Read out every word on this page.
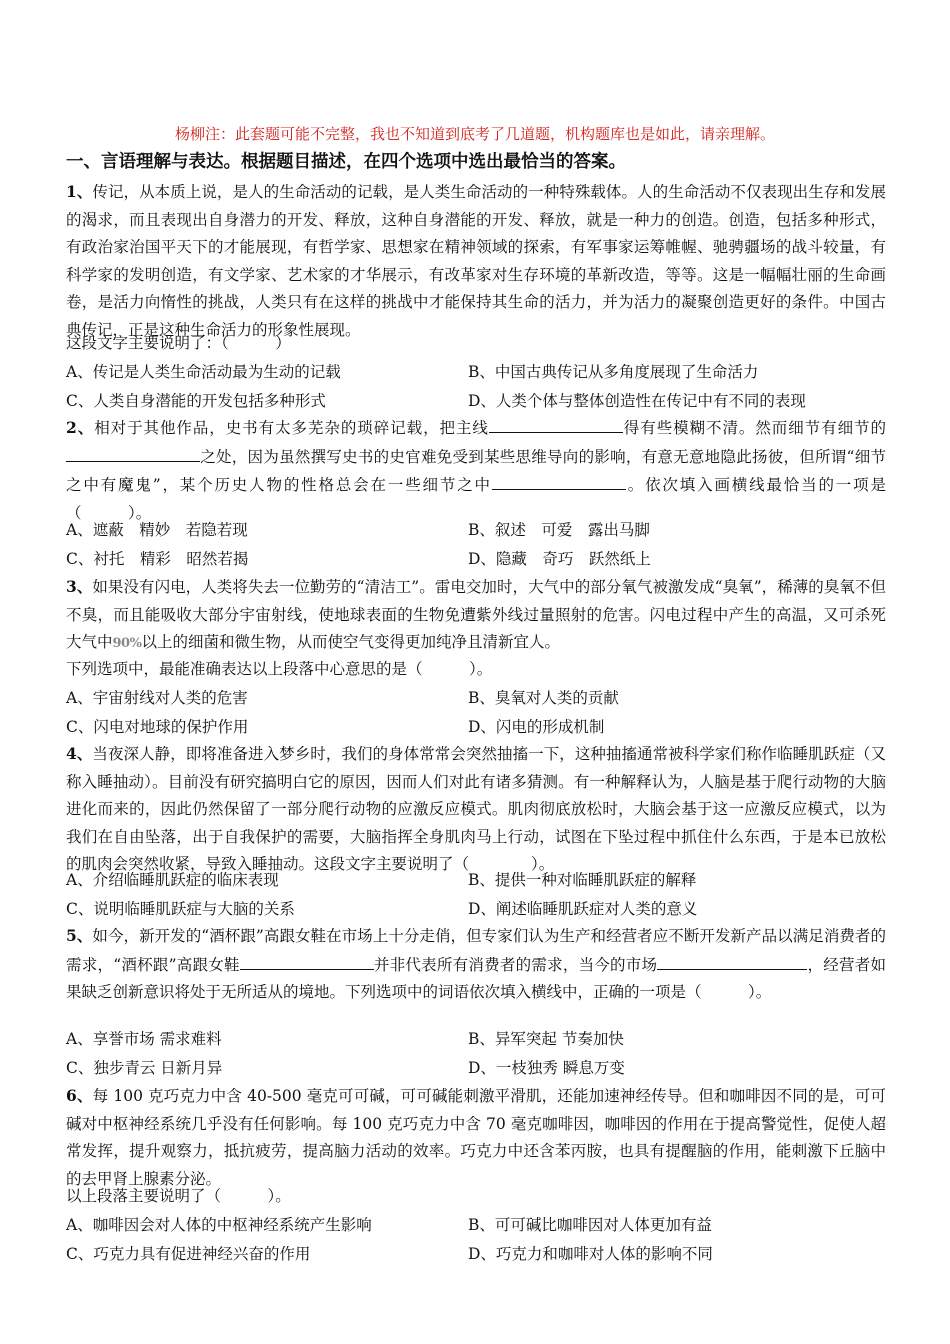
杨柳注：此套题可能不完整，我也不知道到底考了几道题，机构题库也是如此，请亲理解。
一、言语理解与表达。根据题目描述，在四个选项中选出最恰当的答案。
1、传记，从本质上说，是人的生命活动的记载，是人类生命活动的一种特殊载体。人的生命活动不仅表现出生存和发展的渴求，而且表现出自身潜力的开发、释放，这种自身潜能的开发、释放，就是一种力的创造。创造，包括多种形式，有政治家治国平天下的才能展现，有哲学家、思想家在精神领域的探索，有军事家运筹帷幄、驰骋疆场的战斗较量，有科学家的发明创造，有文学家、艺术家的才华展示，有改革家对生存环境的革新改造，等等。这是一幅幅壮丽的生命画卷，是活力向惰性的挑战，人类只有在这样的挑战中才能保持其生命的活力，并为活力的凝聚创造更好的条件。中国古典传记，正是这种生命活力的形象性展现。
这段文字主要说明了：（　　　）
A、传记是人类生命活动最为生动的记载	B、中国古典传记从多角度展现了生命活力
C、人类自身潜能的开发包括多种形式	D、人类个体与整体创造性在传记中有不同的表现
2、相对于其他作品，史书有太多芜杂的琐碎记载，把主线	得有些模糊不清。然而细节有细节的之处，因为虽然撰写史书的史官难免受到某些思维导向的影响，有意无意地隐此扬彼，但所谓“细节之中有魔鬼”，某个历史人物的性格总会在一些细节之中	。依次填入画横线最恰当的一项是（　　　）。
A、遮蔽　精妙　若隐若现	B、叙述　可爱　露出马脚
C、衬托　精彩　昭然若揭	D、隐藏　奇巧　跃然纸上
3、如果没有闪电，人类将失去一位勤劳的“清洁工”。雷电交加时，大气中的部分氧气被激发成“臭氧”，稀薄的臭氧不但不臭，而且能吸收大部分宇宙射线，使地球表面的生物免遭紫外线过量照射的危害。闪电过程中产生的高温，又可杀死大气中90%以上的细菌和微生物，从而使空气变得更加纯净且清新宜人。
下列选项中，最能准确表达以上段落中心意思的是（　　　）。
A、宇宙射线对人类的危害	B、臭氧对人类的贡献
C、闪电对地球的保护作用	D、闪电的形成机制
4、当夜深人静，即将准备进入梦乡时，我们的身体常常会突然抽搐一下，这种抽搐通常被科学家们称作临睡肌跃症（又称入睡抽动）。目前没有研究搞明白它的原因，因而人们对此有诸多猜测。有一种解释认为，人脑是基于爬行动物的大脑进化而来的，因此仍然保留了一部分爬行动物的应激反应模式。肌肉彻底放松时，大脑会基于这一应激反应模式，以为我们在自由坠落，出于自我保护的需要，大脑指挥全身肌肉马上行动，试图在下坠过程中抓住什么东西，于是本已放松的肌肉会突然收紧，导致入睡抽动。这段文字主要说明了（　　　　）。
A、介绍临睡肌跃症的临床表现	B、提供一种对临睡肌跃症的解释
C、说明临睡肌跃症与大脑的关系	D、阐述临睡肌跃症对人类的意义
5、如今，新开发的“酒杯跟”高跟女鞋在市场上十分走俏，但专家们认为生产和经营者应不断开发新产品以满足消费者的需求，“酒杯跟”高跟女鞋	并非代表所有消费者的需求，当今的市场	，经营者如果缺乏创新意识将处于无所适从的境地。下列选项中的词语依次填入横线中，正确的一项是（　　　）。
A、享誉市场 需求难料	B、异军突起 节奏加快
C、独步青云 日新月异	D、一枝独秀 瞬息万变
6、每 100 克巧克力中含 40-500 毫克可可碱，可可碱能刺激平滑肌，还能加速神经传导。但和咖啡因不同的是，可可碱对中枢神经系统几乎没有任何影响。每 100 克巧克力中含 70 毫克咖啡因，咖啡因的作用在于提高警觉性，促使人超常发挥，提升观察力，抵抗疲劳，提高脑力活动的效率。巧克力中还含苯丙胺，也具有提醒脑的作用，能刺激下丘脑中的去甲肾上腺素分泌。
以上段落主要说明了（　　　）。
A、咖啡因会对人体的中枢神经系统产生影响	B、可可碱比咖啡因对人体更加有益
C、巧克力具有促进神经兴奋的作用	D、巧克力和咖啡对人体的影响不同
